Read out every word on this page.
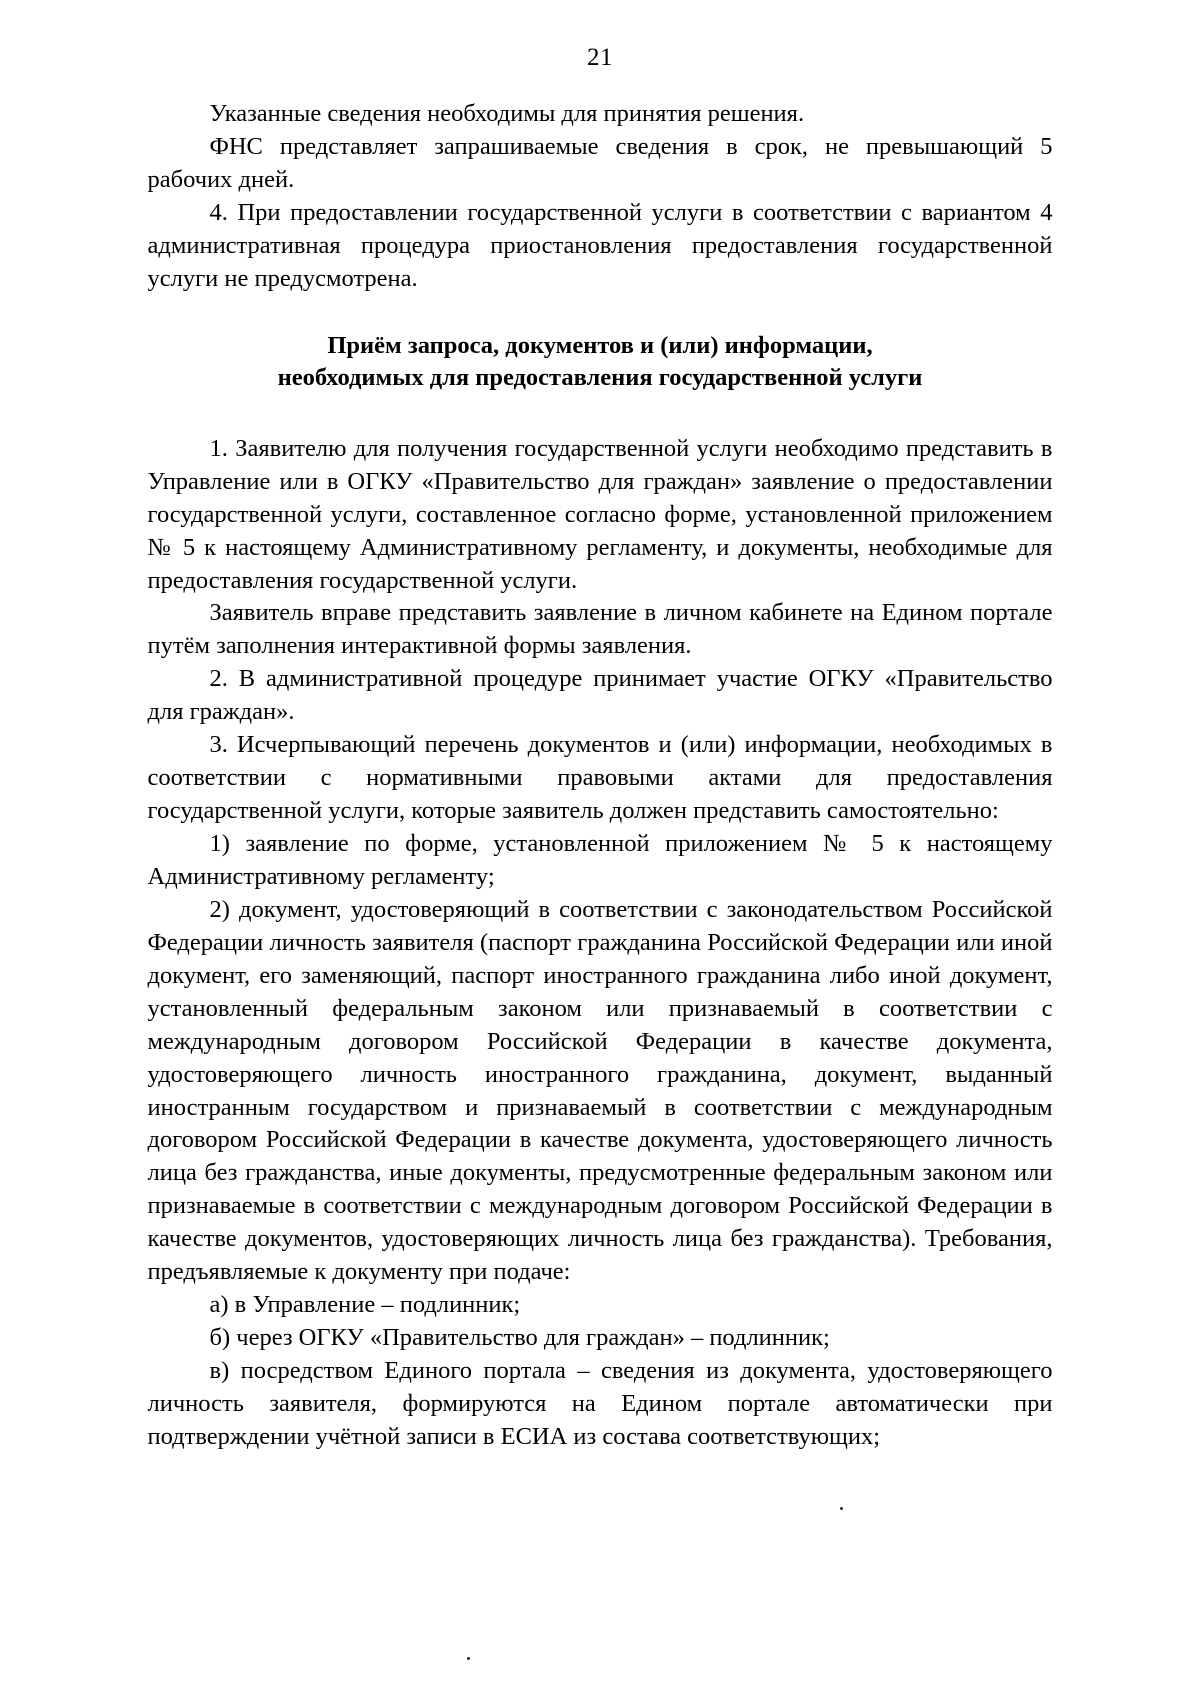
21

Указанные сведения необходимы для принятия решения.

ФНС представляет запрашиваемые сведения в срок, не превышающий 5 рабочих дней.

4. При предоставлении государственной услуги в соответствии с вариантом 4 административная процедура приостановления предоставления государственной услуги не предусмотрена.

Приём запроса, документов и (или) информации,
необходимых для предоставления государственной услуги

1. Заявителю для получения государственной услуги необходимо представить в Управление или в ОГКУ «Правительство для граждан» заявление о предоставлении государственной услуги, составленное согласно форме, установленной приложением № 5 к настоящему Административному регламенту, и документы, необходимые для предоставления государственной услуги.

Заявитель вправе представить заявление в личном кабинете на Едином портале путём заполнения интерактивной формы заявления.

2. В административной процедуре принимает участие ОГКУ «Правительство для граждан».

3. Исчерпывающий перечень документов и (или) информации, необходимых в соответствии с нормативными правовыми актами для предоставления государственной услуги, которые заявитель должен представить самостоятельно:

1) заявление по форме, установленной приложением № 5 к настоящему Административному регламенту;

2) документ, удостоверяющий в соответствии с законодательством Российской Федерации личность заявителя (паспорт гражданина Российской Федерации или иной документ, его заменяющий, паспорт иностранного гражданина либо иной документ, установленный федеральным законом или признаваемый в соответствии с международным договором Российской Федерации в качестве документа, удостоверяющего личность иностранного гражданина, документ, выданный иностранным государством и признаваемый в соответствии с международным договором Российской Федерации в качестве документа, удостоверяющего личность лица без гражданства, иные документы, предусмотренные федеральным законом или признаваемые в соответствии с международным договором Российской Федерации в качестве документов, удостоверяющих личность лица без гражданства). Требования, предъявляемые к документу при подаче:

а) в Управление – подлинник;

б) через ОГКУ «Правительство для граждан» – подлинник;

в) посредством Единого портала – сведения из документа, удостоверяющего личность заявителя, формируются на Едином портале автоматически при подтверждении учётной записи в ЕСИА из состава соответствующих;
